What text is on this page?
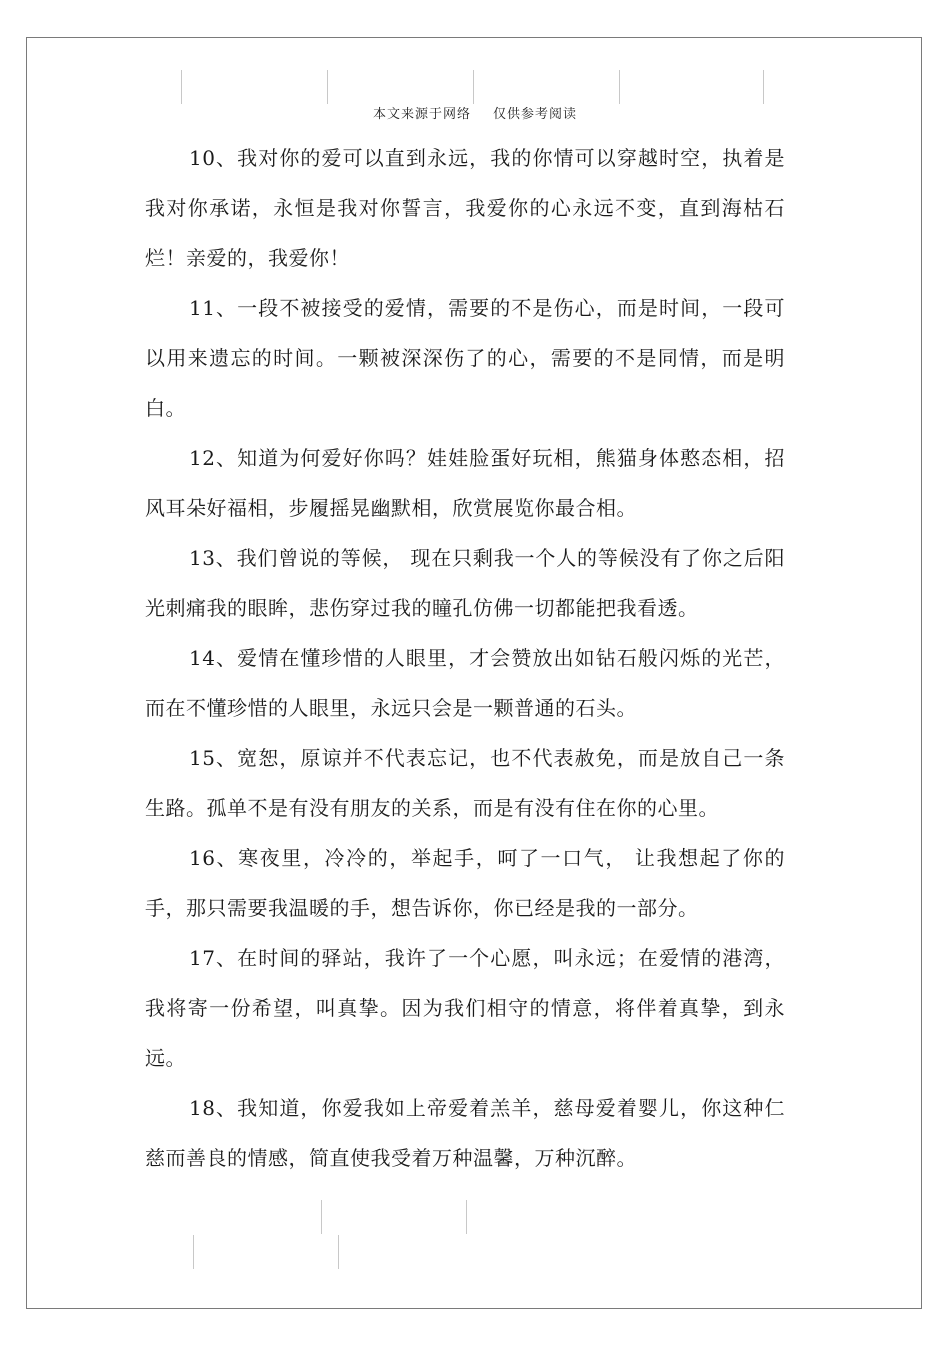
本文来源于网络 仅供参考阅读

10、我对你的爱可以直到永远，我的你情可以穿越时空，执着是我对你承诺，永恒是我对你誓言，我爱你的心永远不变，直到海枯石烂！亲爱的，我爱你！

11、一段不被接受的爱情，需要的不是伤心，而是时间，一段可以用来遗忘的时间。一颗被深深伤了的心，需要的不是同情，而是明白。

12、知道为何爱好你吗？娃娃脸蛋好玩相，熊猫身体憨态相，招风耳朵好福相，步履摇晃幽默相，欣赏展览你最合相。

13、我们曾说的等候， 现在只剩我一个人的等候没有了你之后阳光刺痛我的眼眸，悲伤穿过我的瞳孔仿佛一切都能把我看透。

14、爱情在懂珍惜的人眼里，才会赞放出如钻石般闪烁的光芒，而在不懂珍惜的人眼里，永远只会是一颗普通的石头。

15、宽恕，原谅并不代表忘记，也不代表赦免，而是放自己一条生路。孤单不是有没有朋友的关系，而是有没有住在你的心里。

16、寒夜里，冷冷的，举起手，呵了一口气， 让我想起了你的手，那只需要我温暖的手，想告诉你，你已经是我的一部分。

17、在时间的驿站，我许了一个心愿，叫永远；在爱情的港湾，我将寄一份希望，叫真挚。因为我们相守的情意，将伴着真挚，到永远。

18、我知道，你爱我如上帝爱着羔羊，慈母爱着婴儿，你这种仁慈而善良的情感，简直使我受着万种温馨，万种沉醉。
